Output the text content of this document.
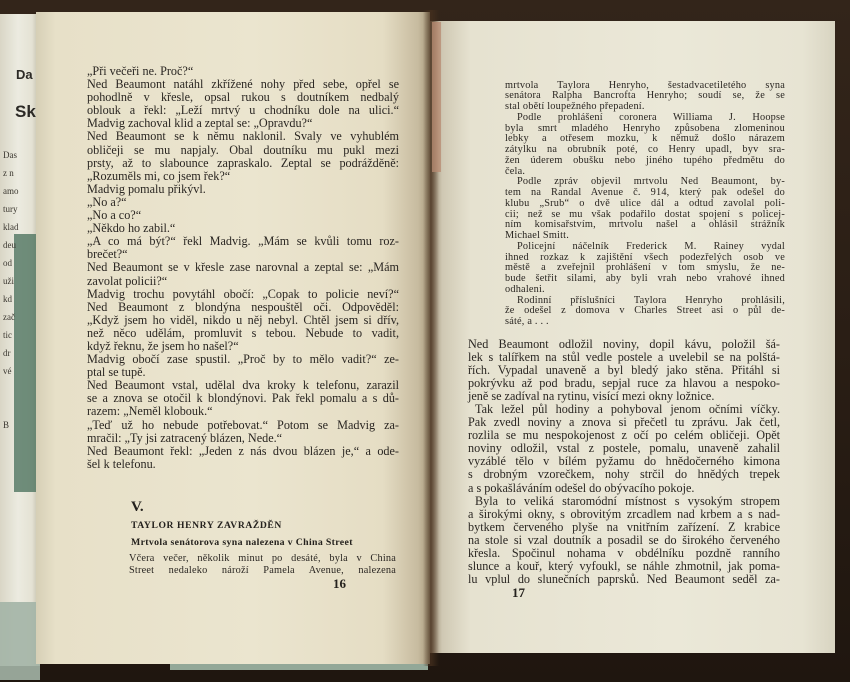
Da
Sk
Das
z n
amo
tury
klad
deu
od
uži
kd
zač
tic
dr
vé
B
„Při večeři ne. Proč?“
Ned Beaumont natáhl zkřížené nohy před sebe, opřel se
pohodlně v křesle, opsal rukou s doutníkem nedbalý
oblouk a řekl: „Leží mrtvý u chodníku dole na ulici.“
Madvig zachoval klid a zeptal se: „Opravdu?“
Ned Beaumont se k němu naklonil. Svaly ve vyhublém
obličeji se mu napjaly. Obal doutníku mu pukl mezi
prsty, až to slabounce zapraskalo. Zeptal se podrážděně:
„Rozuměls mi, co jsem řek?“
Madvig pomalu přikývl.
„No a?“
„No a co?“
„Někdo ho zabil.“
„A co má být?“ řekl Madvig. „Mám se kvůli tomu roz-
brečet?“
Ned Beaumont se v křesle zase narovnal a zeptal se: „Mám
zavolat policii?“
Madvig trochu povytáhl obočí: „Copak to policie neví?“
Ned Beaumont z blondýna nespouštěl oči. Odpověděl:
„Když jsem ho viděl, nikdo u něj nebyl. Chtěl jsem si dřív,
než něco udělám, promluvit s tebou. Nebude to vadit,
když řeknu, že jsem ho našel?“
Madvig obočí zase spustil. „Proč by to mělo vadit?“ ze-
ptal se tupě.
Ned Beaumont vstal, udělal dva kroky k telefonu, zarazil
se a znova se otočil k blondýnovi. Pak řekl pomalu a s dů-
razem: „Neměl klobouk.“
„Teď už ho nebude potřebovat.“ Potom se Madvig za-
mračil: „Ty jsi zatracený blázen, Nede.“
Ned Beaumont řekl: „Jeden z nás dvou blázen je,“ a ode-
šel k telefonu.
V.
TAYLOR HENRY ZAVRAŽDĚN
Mrtvola senátorova syna nalezena v China Street
Včera večer, několik minut po desáté, byla v China
Street nedaleko nároží Pamela Avenue, nalezena
16
mrtvola Taylora Henryho, šestadvacetiletého syna
senátora Ralpha Bancrofta Henryho; soudí se, že se
stal obětí loupežného přepadení.
Podle prohlášení coronera Williama J. Hoopse
byla smrt mladého Henryho způsobena zlomeninou
lebky a otřesem mozku, k němuž došlo nárazem
zátylku na obrubník poté, co Henry upadl, byv sra-
žen úderem obušku nebo jiného tupého předmětu do
čela.
Podle zpráv objevil mrtvolu Ned Beaumont, by-
tem na Randal Avenue č. 914, který pak odešel do
klubu „Srub“ o dvě ulice dál a odtud zavolal poli-
cii; než se mu však podařilo dostat spojení s policej-
ním komisařstvím, mrtvolu našel a ohlásil strážník
Michael Smitt.
Policejní náčelník Frederick M. Rainey vydal
ihned rozkaz k zajištění všech podezřelých osob ve
městě a zveřejnil prohlášení v tom smyslu, že ne-
bude šetřit silami, aby byli vrah nebo vrahové ihned
odhaleni.
Rodinní příslušníci Taylora Henryho prohlásili,
že odešel z domova v Charles Street asi o půl de-
sáté, a . . .
Ned Beaumont odložil noviny, dopil kávu, položil šá-
lek s talířkem na stůl vedle postele a uvelebil se na polštá-
řích. Vypadal unaveně a byl bledý jako stěna. Přitáhl si
pokrývku až pod bradu, sepjal ruce za hlavou a nespoko-
jeně se zadíval na rytinu, visící mezi okny ložnice.
Tak ležel půl hodiny a pohyboval jenom očními víčky.
Pak zvedl noviny a znova si přečetl tu zprávu. Jak četl,
rozlila se mu nespokojenost z očí po celém obličeji. Opět
noviny odložil, vstal z postele, pomalu, unaveně zahalil
vyzáblé tělo v bílém pyžamu do hnědočerného kimona
s drobným vzorečkem, nohy strčil do hnědých trepek
a s pokašláváním odešel do obývacího pokoje.
Byla to veliká staromódní místnost s vysokým stropem
a širokými okny, s obrovitým zrcadlem nad krbem a s nad-
bytkem červeného plyše na vnitřním zařízení. Z krabice
na stole si vzal doutník a posadil se do širokého červeného
křesla. Spočinul nohama v obdélníku pozdně ranního
slunce a kouř, který vyfoukl, se náhle zhmotnil, jak poma-
lu vplul do slunečních paprsků. Ned Beaumont seděl za-
17
